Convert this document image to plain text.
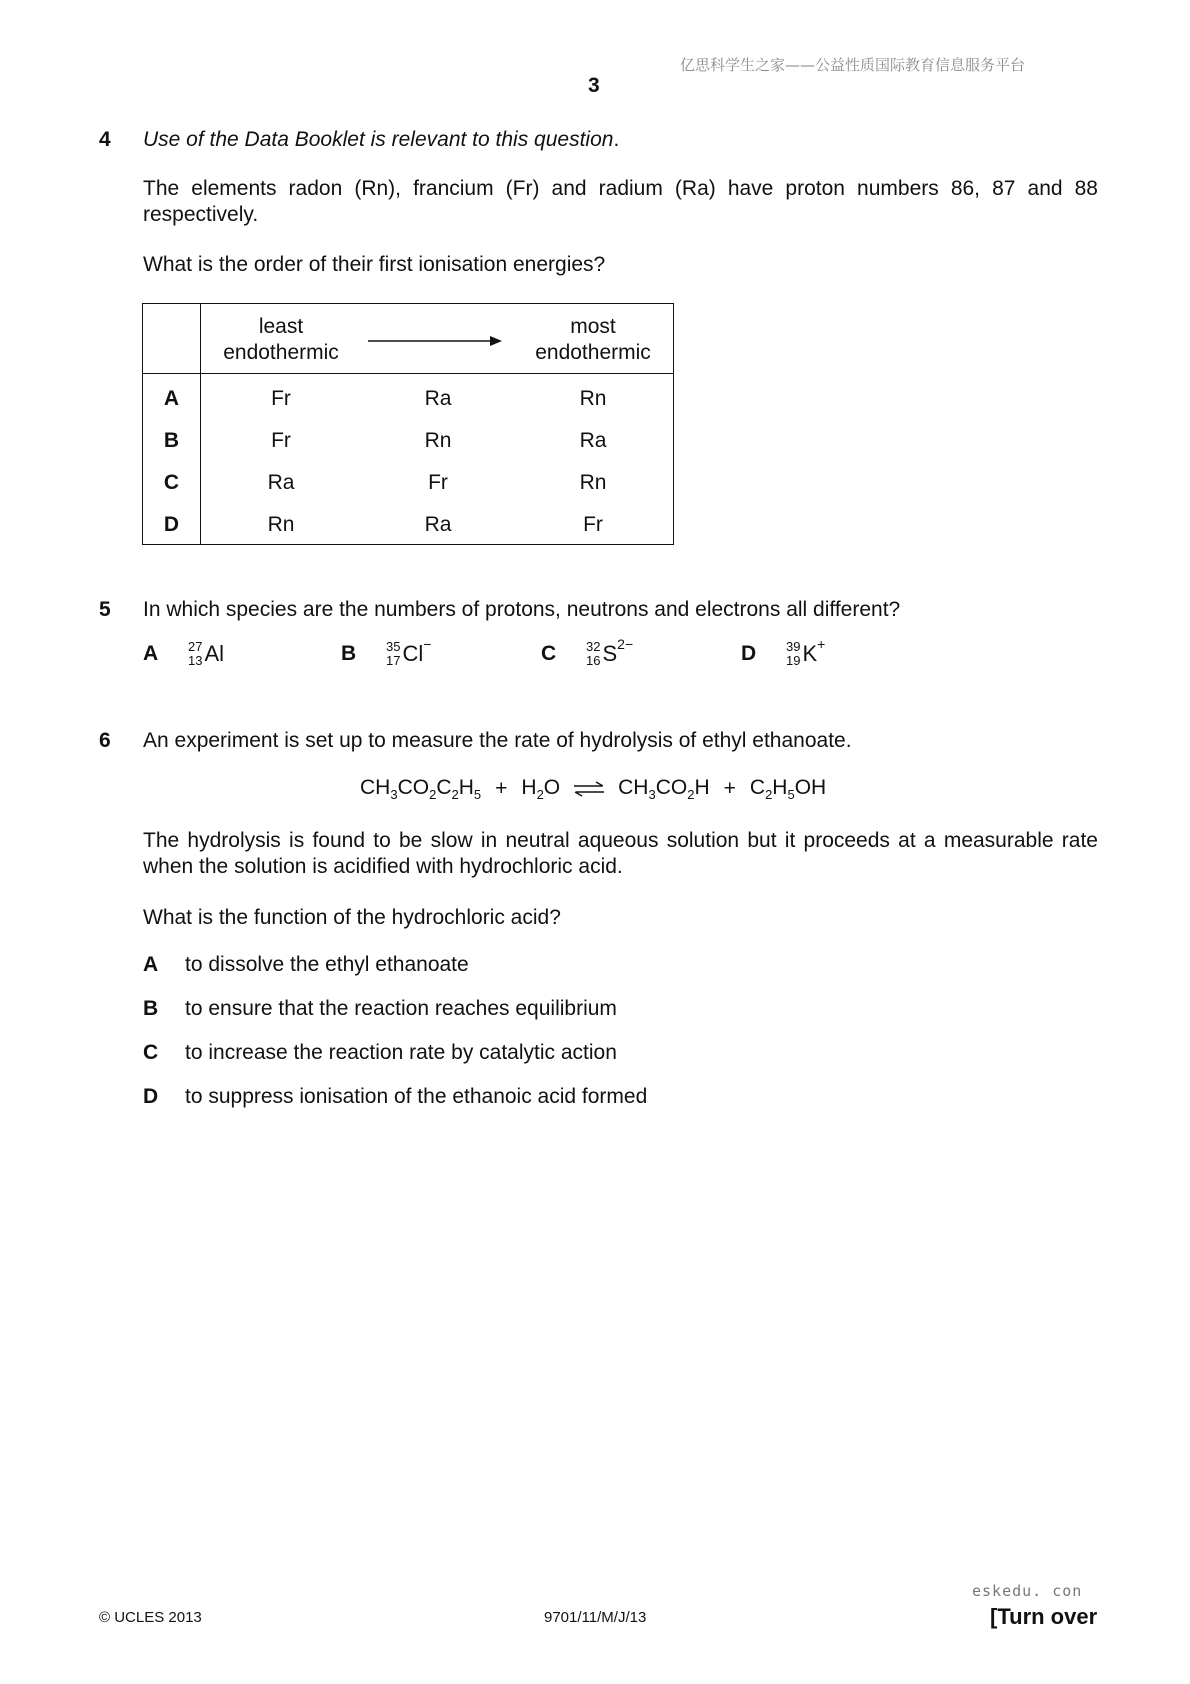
亿思科学生之家——公益性质国际教育信息服务平台
3
4 Use of the Data Booklet is relevant to this question.
The elements radon (Rn), francium (Fr) and radium (Ra) have proton numbers 86, 87 and 88 respectively.
What is the order of their first ionisation energies?
least
endothermic
most
endothermic
A	Fr	Ra	Rn
B	Fr	Rn	Ra
C	Ra	Fr	Rn
D	Rn	Ra	Fr
5 In which species are the numbers of protons, neutrons and electrons all different?
A	27
13 Al	B	35
17 Cl −	C	32
16 S 2−	D	39
19 K +
6 An experiment is set up to measure the rate of hydrolysis of ethyl ethanoate.
$CH_3CO_2C_2H_5 + H_2O$ ⇌ $CH_3CO_2H + C_2H_5OH$
The hydrolysis is found to be slow in neutral aqueous solution but it proceeds at a measurable rate when the solution is acidified with hydrochloric acid.
What is the function of the hydrochloric acid?
A	to dissolve the ethyl ethanoate
B	to ensure that the reaction reaches equilibrium
C	to increase the reaction rate by catalytic action
D	to suppress ionisation of the ethanoic acid formed
eskedu. con
© UCLES 2013	9701/11/M/J/13	[Turn over
